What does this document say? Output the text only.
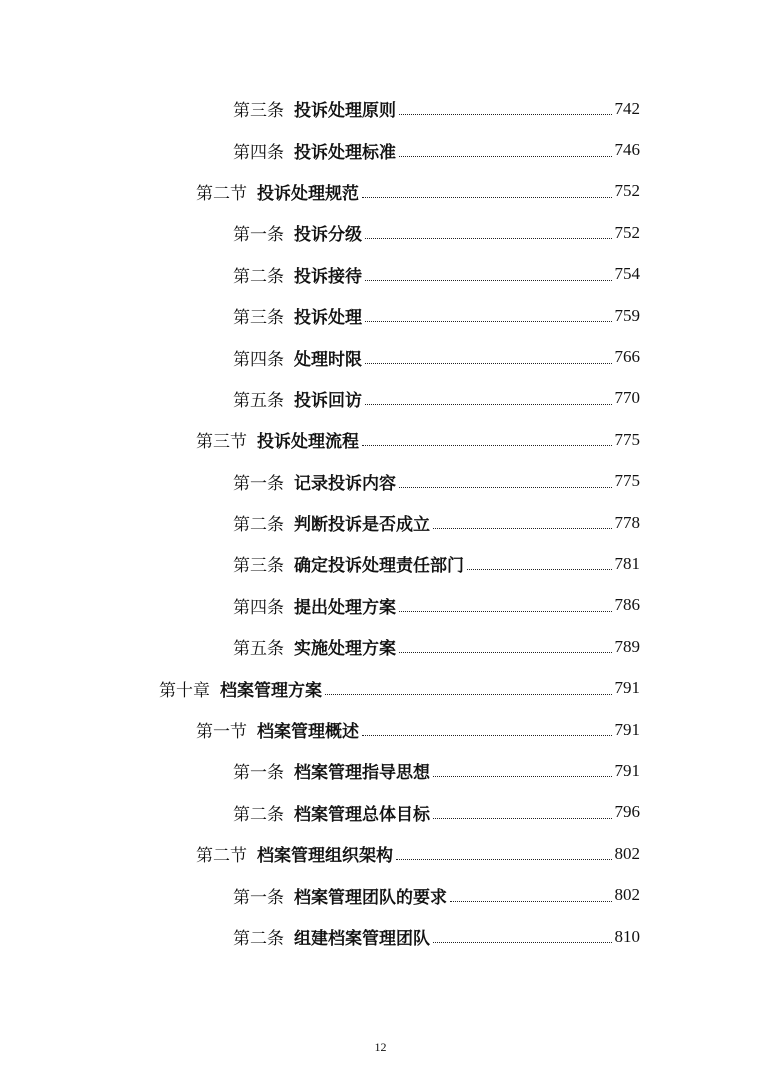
第三条 投诉处理原则	742
第四条 投诉处理标准	746
第二节 投诉处理规范	752
第一条 投诉分级	752
第二条 投诉接待	754
第三条 投诉处理	759
第四条 处理时限	766
第五条 投诉回访	770
第三节 投诉处理流程	775
第一条 记录投诉内容	775
第二条 判断投诉是否成立	778
第三条 确定投诉处理责任部门	781
第四条 提出处理方案	786
第五条 实施处理方案	789
第十章 档案管理方案	791
第一节 档案管理概述	791
第一条 档案管理指导思想	791
第二条 档案管理总体目标	796
第二节 档案管理组织架构	802
第一条 档案管理团队的要求	802
第二条 组建档案管理团队	810
12
